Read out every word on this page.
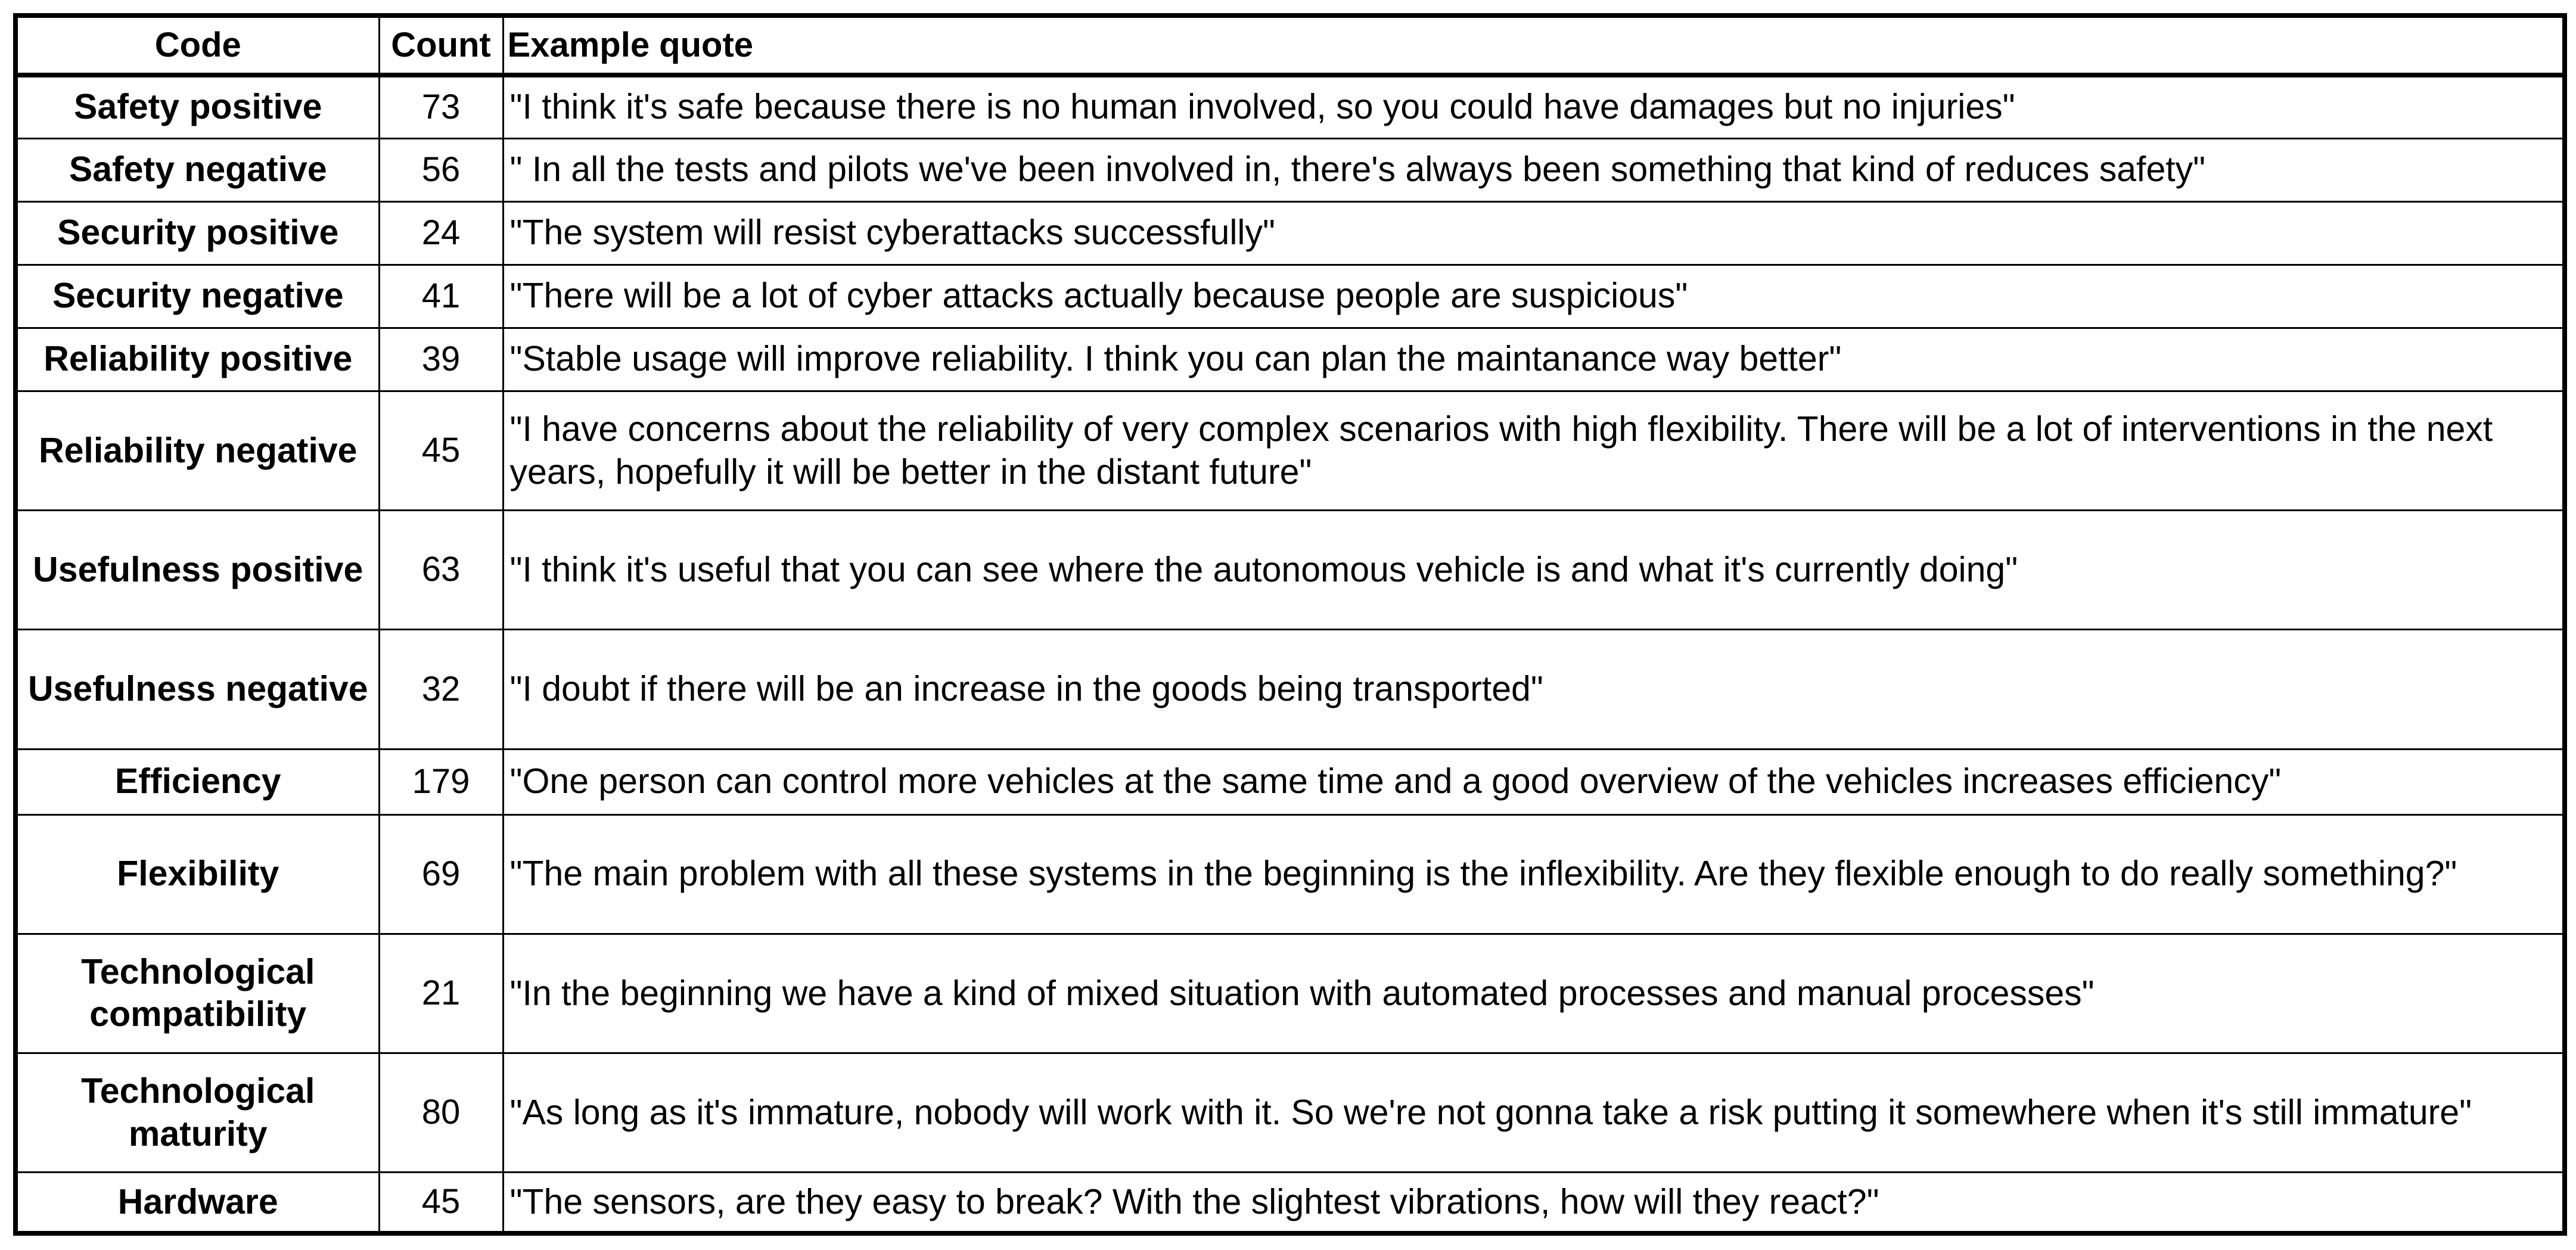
Code	Count	Example quote
Safety positive	73	"I think it's safe because there is no human involved, so you could have damages but no injuries"
Safety negative	56	" In all the tests and pilots we've been involved in, there's always been something that kind of reduces safety"
Security positive	24	"The system will resist cyberattacks successfully"
Security negative	41	"There will be a lot of cyber attacks actually because people are suspicious"
Reliability positive	39	"Stable usage will improve reliability. I think you can plan the maintanance way better"
Reliability negative	45	"I have concerns about the reliability of very complex scenarios with high flexibility. There will be a lot of interventions in the next years, hopefully it will be better in the distant future"
Usefulness positive	63	"I think it's useful that you can see where the autonomous vehicle is and what it's currently doing"
Usefulness negative	32	"I doubt if there will be an increase in the goods being transported"
Efficiency	179	"One person can control more vehicles at the same time and a good overview of the vehicles increases efficiency"
Flexibility	69	"The main problem with all these systems in the beginning is the inflexibility. Are they flexible enough to do really something?"
Technological compatibility	21	"In the beginning we have a kind of mixed situation with automated processes and manual processes"
Technological maturity	80	"As long as it's immature, nobody will work with it. So we're not gonna take a risk putting it somewhere when it's still immature"
Hardware	45	"The sensors, are they easy to break? With the slightest vibrations, how will they react?"
